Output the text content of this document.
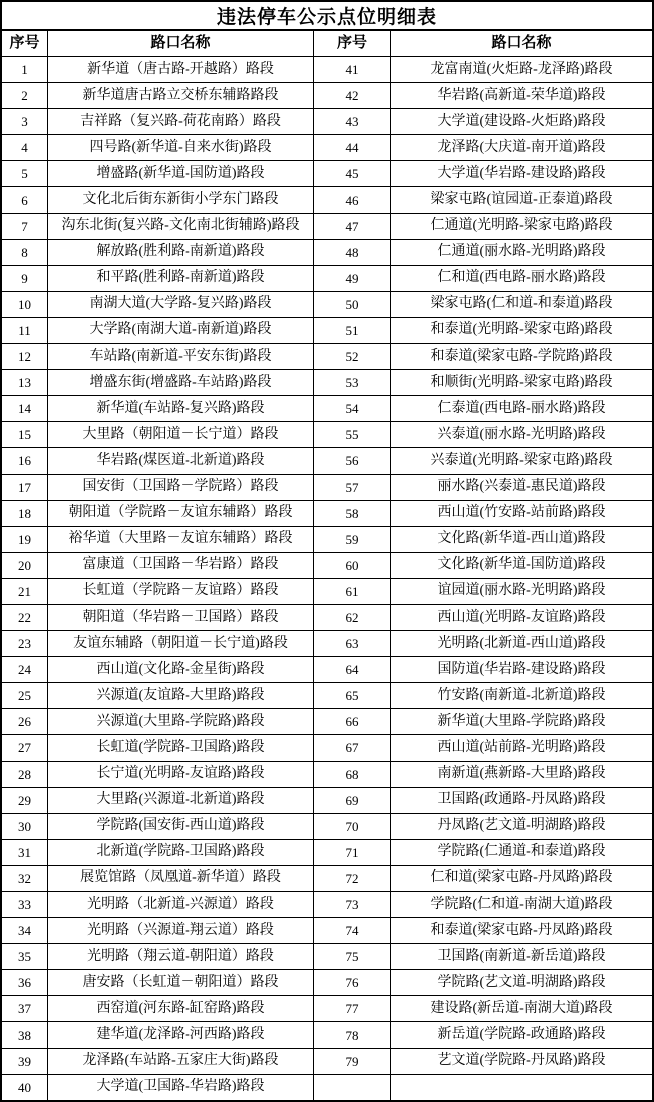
违法停车公示点位明细表
序号	路口名称	序号	路口名称
1	新华道（唐古路-开越路）路段	41	龙富南道(火炬路-龙泽路)路段
2	新华道唐古路立交桥东辅路路段	42	华岩路(高新道-荣华道)路段
3	吉祥路（复兴路-荷花南路）路段	43	大学道(建设路-火炬路)路段
4	四号路(新华道-自来水街)路段	44	龙泽路(大庆道-南开道)路段
5	增盛路(新华道-国防道)路段	45	大学道(华岩路-建设路)路段
6	文化北后街东新街小学东门路段	46	梁家屯路(谊园道-正泰道)路段
7	沟东北街(复兴路-文化南北街辅路)路段	47	仁通道(光明路-梁家屯路)路段
8	解放路(胜利路-南新道)路段	48	仁通道(丽水路-光明路)路段
9	和平路(胜利路-南新道)路段	49	仁和道(西电路-丽水路)路段
10	南湖大道(大学路-复兴路)路段	50	梁家屯路(仁和道-和泰道)路段
11	大学路(南湖大道-南新道)路段	51	和泰道(光明路-梁家屯路)路段
12	车站路(南新道-平安东街)路段	52	和泰道(梁家屯路-学院路)路段
13	增盛东街(增盛路-车站路)路段	53	和顺街(光明路-梁家屯路)路段
14	新华道(车站路-复兴路)路段	54	仁泰道(西电路-丽水路)路段
15	大里路（朝阳道－长宁道）路段	55	兴泰道(丽水路-光明路)路段
16	华岩路(煤医道-北新道)路段	56	兴泰道(光明路-梁家屯路)路段
17	国安街（卫国路－学院路）路段	57	丽水路(兴泰道-惠民道)路段
18	朝阳道（学院路－友谊东辅路）路段	58	西山道(竹安路-站前路)路段
19	裕华道（大里路－友谊东辅路）路段	59	文化路(新华道-西山道)路段
20	富康道（卫国路－华岩路）路段	60	文化路(新华道-国防道)路段
21	长虹道（学院路－友谊路）路段	61	谊园道(丽水路-光明路)路段
22	朝阳道（华岩路－卫国路）路段	62	西山道(光明路-友谊路)路段
23	友谊东辅路（朝阳道－长宁道)路段	63	光明路(北新道-西山道)路段
24	西山道(文化路-金星街)路段	64	国防道(华岩路-建设路)路段
25	兴源道(友谊路-大里路)路段	65	竹安路(南新道-北新道)路段
26	兴源道(大里路-学院路)路段	66	新华道(大里路-学院路)路段
27	长虹道(学院路-卫国路)路段	67	西山道(站前路-光明路)路段
28	长宁道(光明路-友谊路)路段	68	南新道(燕新路-大里路)路段
29	大里路(兴源道-北新道)路段	69	卫国路(政通路-丹凤路)路段
30	学院路(国安街-西山道)路段	70	丹凤路(艺文道-明湖路)路段
31	北新道(学院路-卫国路)路段	71	学院路(仁通道-和泰道)路段
32	展览馆路（凤凰道-新华道）路段	72	仁和道(梁家屯路-丹凤路)路段
33	光明路（北新道-兴源道）路段	73	学院路(仁和道-南湖大道)路段
34	光明路（兴源道-翔云道）路段	74	和泰道(梁家屯路-丹凤路)路段
35	光明路（翔云道-朝阳道）路段	75	卫国路(南新道-新岳道)路段
36	唐安路（长虹道－朝阳道）路段	76	学院路(艺文道-明湖路)路段
37	西窑道(河东路-缸窑路)路段	77	建设路(新岳道-南湖大道)路段
38	建华道(龙泽路-河西路)路段	78	新岳道(学院路-政通路)路段
39	龙泽路(车站路-五家庄大街)路段	79	艺文道(学院路-丹凤路)路段
40	大学道(卫国路-华岩路)路段
